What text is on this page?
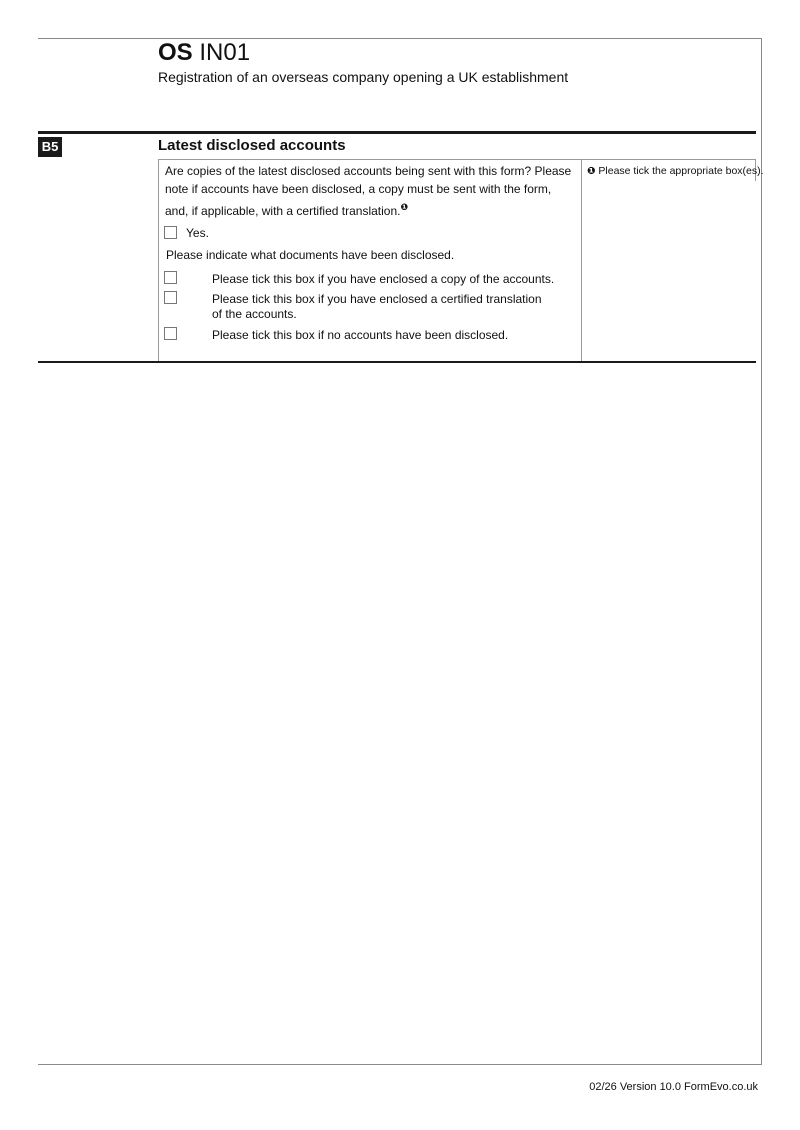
OS IN01
Registration of an overseas company opening a UK establishment
B5	Latest disclosed accounts
Are copies of the latest disclosed accounts being sent with this form? Please note if accounts have been disclosed, a copy must be sent with the form, and, if applicable, with a certified translation.$^❶$
Yes.
Please indicate what documents have been disclosed.
Please tick this box if you have enclosed a copy of the accounts.
Please tick this box if you have enclosed a certified translation of the accounts.
Please tick this box if no accounts have been disclosed.
❶ Please tick the appropriate box(es).
02/26 Version 10.0 FormEvo.co.uk
